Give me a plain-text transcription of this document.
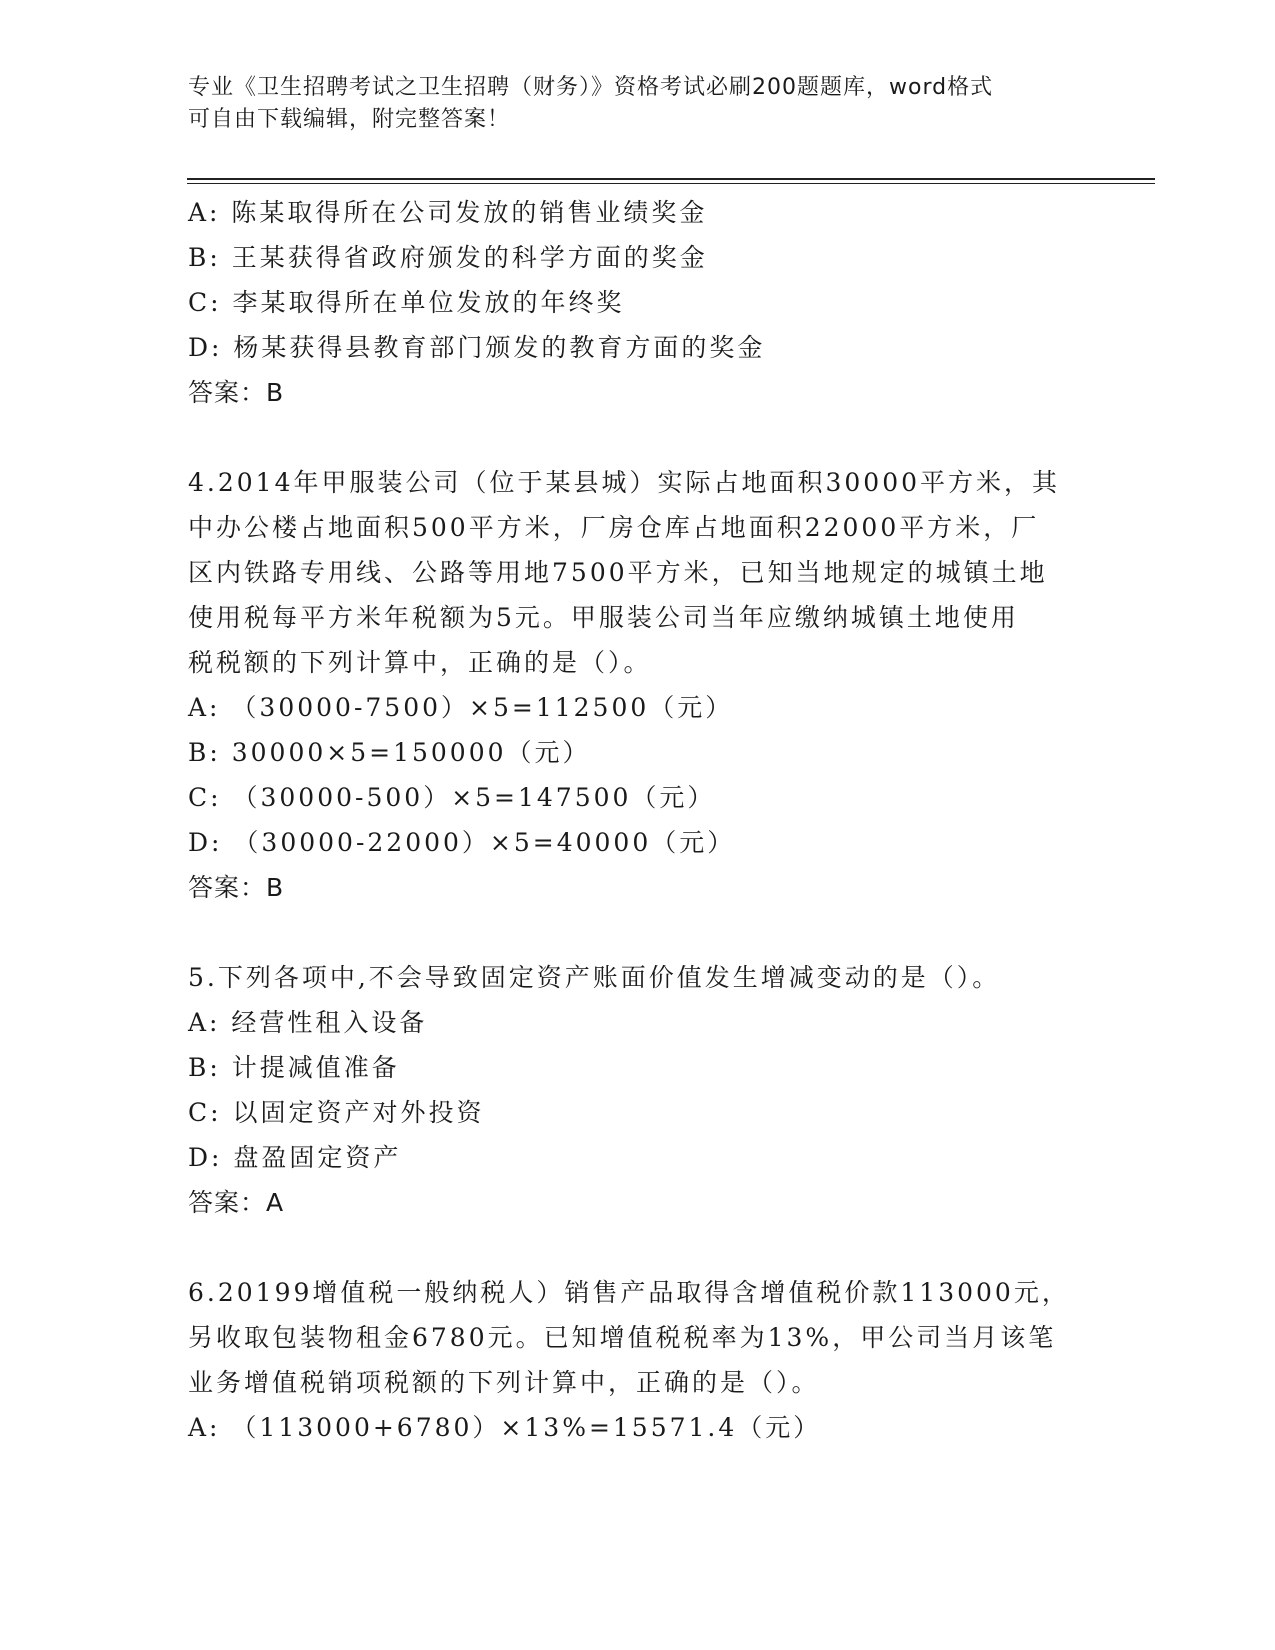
专业《卫生招聘考试之卫生招聘（财务）》资格考试必刷200题题库，word格式
可自由下载编辑，附完整答案！
A: 陈某取得所在公司发放的销售业绩奖金
B: 王某获得省政府颁发的科学方面的奖金
C: 李某取得所在单位发放的年终奖
D: 杨某获得县教育部门颁发的教育方面的奖金
答案：B
4.2014年甲服装公司（位于某县城）实际占地面积30000平方米，其
中办公楼占地面积500平方米，厂房仓库占地面积22000平方米，厂
区内铁路专用线、公路等用地7500平方米，已知当地规定的城镇土地
使用税每平方米年税额为5元。甲服装公司当年应缴纳城镇土地使用
税税额的下列计算中，正确的是（）。
A: （30000-7500）×5=112500（元）
B: 30000×5=150000（元）
C: （30000-500）×5=147500（元）
D: （30000-22000）×5=40000（元）
答案：B
5.下列各项中,不会导致固定资产账面价值发生增减变动的是（）。
A: 经营性租入设备
B: 计提减值准备
C: 以固定资产对外投资
D: 盘盈固定资产
答案：A
6.20199增值税一般纳税人）销售产品取得含增值税价款113000元，
另收取包装物租金6780元。已知增值税税率为13%，甲公司当月该笔
业务增值税销项税额的下列计算中，正确的是（）。
A: （113000+6780）×13%=15571.4（元）
